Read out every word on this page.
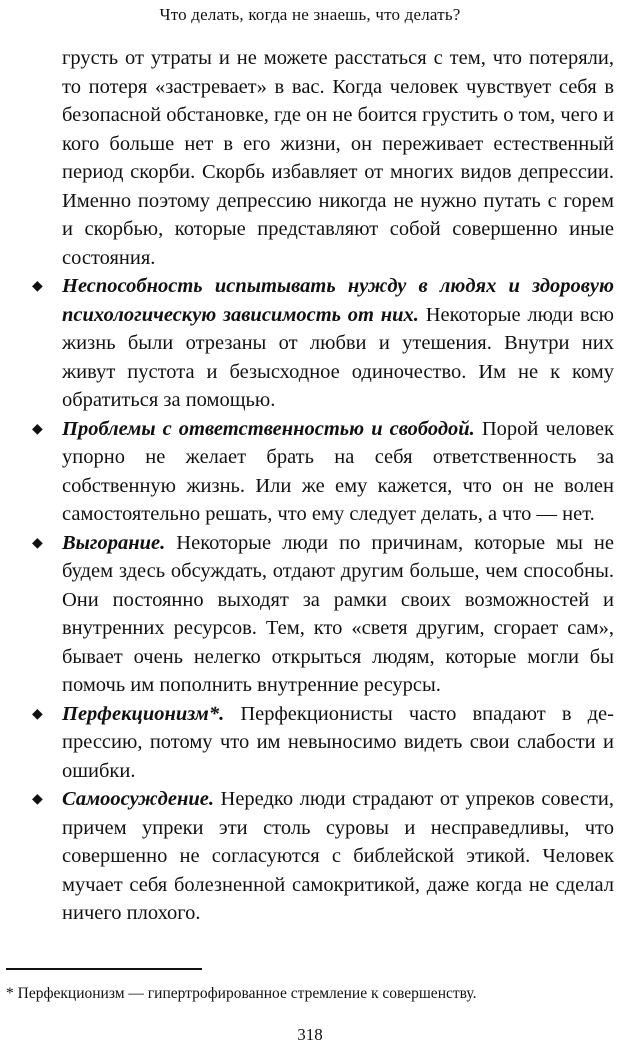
Что делать, когда не знаешь, что делать?

грусть от утраты и не можете расстаться с тем, что потеряли, то потеря «застревает» в вас. Когда человек чувствует себя в безопасной обстановке, где он не боится грустить о том, чего и кого больше нет в его жизни, он переживает естественный период скорби. Скорбь избавляет от многих видов депрессии. Именно поэтому депрессию никогда не нужно путать с горем и скорбью, которые представляют собой совершенно иные состояния.

◆ Неспособность испытывать нужду в людях и здоровую психологическую зависимость от них. Некоторые люди всю жизнь были отрезаны от любви и утешения. Внутри них живут пустота и безысходное одиночество. Им не к кому обратиться за помощью.
◆ Проблемы с ответственностью и свободой. Порой человек упорно не желает брать на себя ответственность за собственную жизнь. Или же ему кажется, что он не волен самостоятельно решать, что ему следует делать, а что — нет.
◆ Выгорание. Некоторые люди по причинам, которые мы не будем здесь обсуждать, отдают другим больше, чем способны. Они постоянно выходят за рамки своих возможностей и внутренних ресурсов. Тем, кто «светя другим, сгорает сам», бывает очень нелегко открыться людям, которые могли бы помочь им пополнить внутренние ресурсы.
◆ Перфекционизм*. Перфекционисты часто впадают в депрессию, потому что им невыносимо видеть свои слабости и ошибки.
◆ Самоосуждение. Нередко люди страдают от упреков совести, причем упреки эти столь суровы и несправедливы, что совершенно не согласуются с библейской этикой. Человек мучает себя болезненной самокритикой, даже когда не сделал ничего плохого.
* Перфекционизм — гипертрофированное стремление к совершенству.
318
